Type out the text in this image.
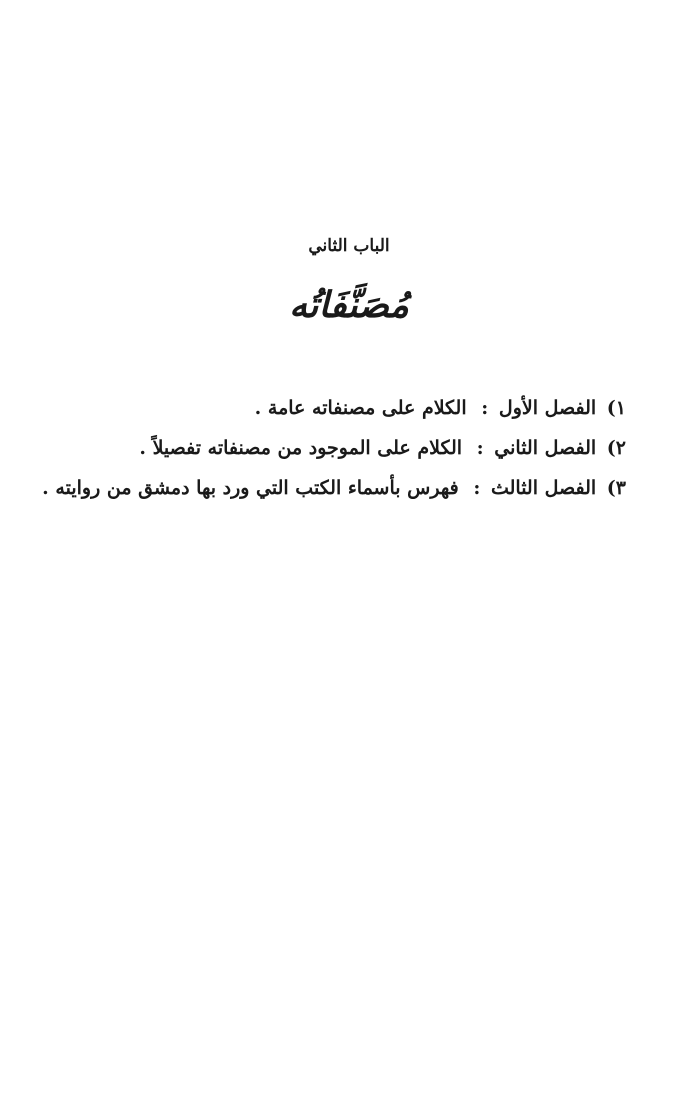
الباب الثاني
مُصَنَّفَاتُه
١) الفصل الأول : الكلام على مصنفاته عامة .
٢) الفصل الثاني : الكلام على الموجود من مصنفاته تفصيلاً .
٣) الفصل الثالث : فهرس بأسماء الكتب التي ورد بها دمشق من روايته .
